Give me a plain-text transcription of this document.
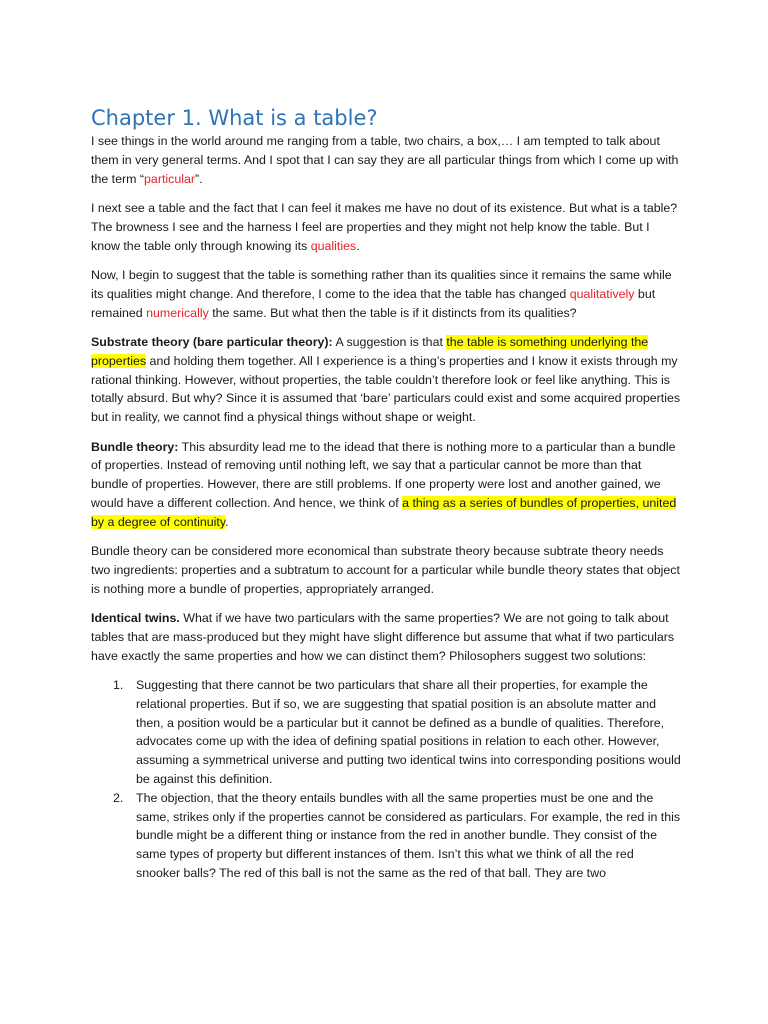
Chapter 1. What is a table?

I see things in the world around me ranging from a table, two chairs, a box,… I am tempted to talk about them in very general terms. And I spot that I can say they are all particular things from which I come up with the term “particular”.

I next see a table and the fact that I can feel it makes me have no dout of its existence. But what is a table? The browness I see and the harness I feel are properties and they might not help know the table. But I know the table only through knowing its qualities.

Now, I begin to suggest that the table is something rather than its qualities since it remains the same while its qualities might change. And therefore, I come to the idea that the table has changed qualitatively but remained numerically the same. But what then the table is if it distincts from its qualities?

Substrate theory (bare particular theory): A suggestion is that the table is something underlying the properties and holding them together. All I experience is a thing’s properties and I know it exists through my rational thinking. However, without properties, the table couldn’t therefore look or feel like anything. This is totally absurd. But why? Since it is assumed that ‘bare’ particulars could exist and some acquired properties but in reality, we cannot find a physical things without shape or weight.

Bundle theory: This absurdity lead me to the idead that there is nothing more to a particular than a bundle of properties. Instead of removing until nothing left, we say that a particular cannot be more than that bundle of properties. However, there are still problems. If one property were lost and another gained, we would have a different collection. And hence, we think of a thing as a series of bundles of properties, united by a degree of continuity.

Bundle theory can be considered more economical than substrate theory because subtrate theory needs two ingredients: properties and a subtratum to account for a particular while bundle theory states that object is nothing more a bundle of properties, appropriately arranged.

Identical twins. What if we have two particulars with the same properties? We are not going to talk about tables that are mass-produced but they might have slight difference but assume that what if two particulars have exactly the same properties and how we can distinct them? Philosophers suggest two solutions:

1. Suggesting that there cannot be two particulars that share all their properties, for example the relational properties. But if so, we are suggesting that spatial position is an absolute matter and then, a position would be a particular but it cannot be defined as a bundle of qualities. Therefore, advocates come up with the idea of defining spatial positions in relation to each other. However, assuming a symmetrical universe and putting two identical twins into corresponding positions would be against this definition.
2. The objection, that the theory entails bundles with all the same properties must be one and the same, strikes only if the properties cannot be considered as particulars. For example, the red in this bundle might be a different thing or instance from the red in another bundle. They consist of the same types of property but different instances of them. Isn’t this what we think of all the red snooker balls? The red of this ball is not the same as the red of that ball. They are two
